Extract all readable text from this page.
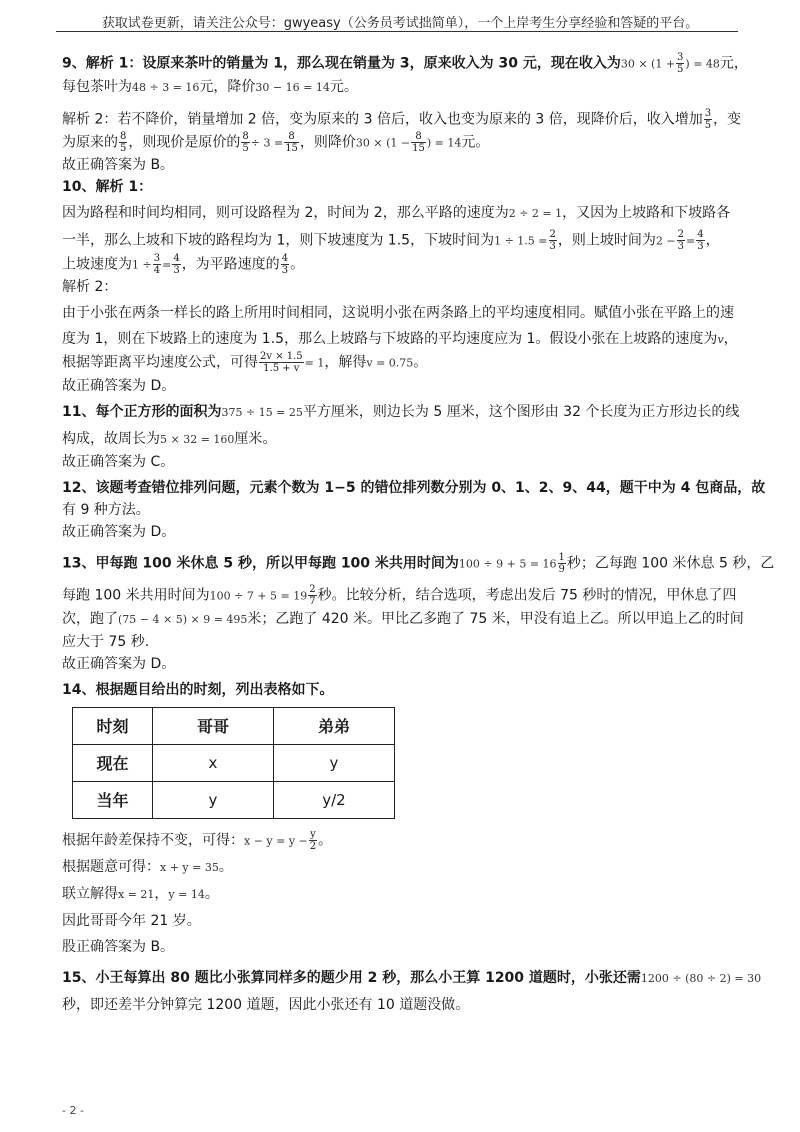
获取试卷更新，请关注公众号：gwyeasy（公务员考试拙简单），一个上岸考生分享经验和答疑的平台。
9、解析 1：设原来茶叶的销量为 1，那么现在销量为 3，原来收入为 30 元，现在收入为$30 \times (1 + \frac{3}{5}$ ) = 48元，
每包茶叶为48 ÷ 3 = 16元，降价30 − 16 = 14元。
解析 2：若不降价，销量增加 2 倍，变为原来的 3 倍后，收入也变为原来的 3 倍，现降价后，收入增加 $\frac{3}{5}$ ，变
为原来的 $\frac{8}{5}$ ，则现价是原价的 $\frac{8}{5} \div 3 = \frac{8}{15}$ ，则降价$30 \times (1 - \frac{8}{15}$ ) = 14元。
故正确答案为 B。
10、解析 1：
因为路程和时间均相同，则可设路程为 2，时间为 2，那么平路的速度为2 ÷ 2 = 1，又因为上坡路和下坡路各
一半，那么上坡和下坡的路程均为 1，则下坡速度为 1.5，下坡时间为$1 \div 1.5 = \frac{2}{3}$ ，则上坡时间为$2 - \frac{2}{3} = \frac{4}{3}$ ，
上坡速度为$1 \div \frac{3}{4} = \frac{4}{3}$ ，为平路速度的 $\frac{4}{3}$ 。
解析 2：
由于小张在两条一样长的路上所用时间相同，这说明小张在两条路上的平均速度相同。赋值小张在平路上的速
度为 1，则在下坡路上的速度为 1.5，那么上坡路与下坡路的平均速度应为 1。假设小张在上坡路的速度为v，
根据等距离平均速度公式，可得 $\frac{2v \times 1.5}{1.5 + v} = 1$，解得v = 0.75。
故正确答案为 D。
11、每个正方形的面积为375 ÷ 15 = 25平方厘米，则边长为 5 厘米，这个图形由 32 个长度为正方形边长的线
构成，故周长为5 × 32 = 160厘米。
故正确答案为 C。
12、该题考查错位排列问题，元素个数为 1−5 的错位排列数分别为 0、1、2、9、44，题干中为 4 包商品，故
有 9 种方法。
故正确答案为 D。
13、甲每跑 100 米休息 5 秒，所以甲每跑 100 米共用时间为$100 \div 9 + 5 = 16 \frac{1}{9}$ 秒；乙每跑 100 米休息 5 秒，乙
每跑 100 米共用时间为$100 \div 7 + 5 = 19 \frac{2}{7}$ 秒。比较分析，结合选项，考虑出发后 75 秒时的情况，甲休息了四
次，跑了(75 − 4 × 5) × 9 = 495米；乙跑了 420 米。甲比乙多跑了 75 米，甲没有追上乙。所以甲追上乙的时间
应大于 75 秒.
故正确答案为 D。
14、根据题目给出的时刻，列出表格如下。
时刻	哥哥	弟弟
现在	x	y
当年	y	y/2
根据年龄差保持不变，可得：$x - y = y - \frac{y}{2}$ 。
根据题意可得：x + y = 35。
联立解得x = 21，y = 14。
因此哥哥今年 21 岁。
股正确答案为 B。
15、小王每算出 80 题比小张算同样多的题少用 2 秒，那么小王算 1200 道题时，小张还需1200 ÷ (80 ÷ 2) = 30
秒，即还差半分钟算完 1200 道题，因此小张还有 10 道题没做。
- 2 -
